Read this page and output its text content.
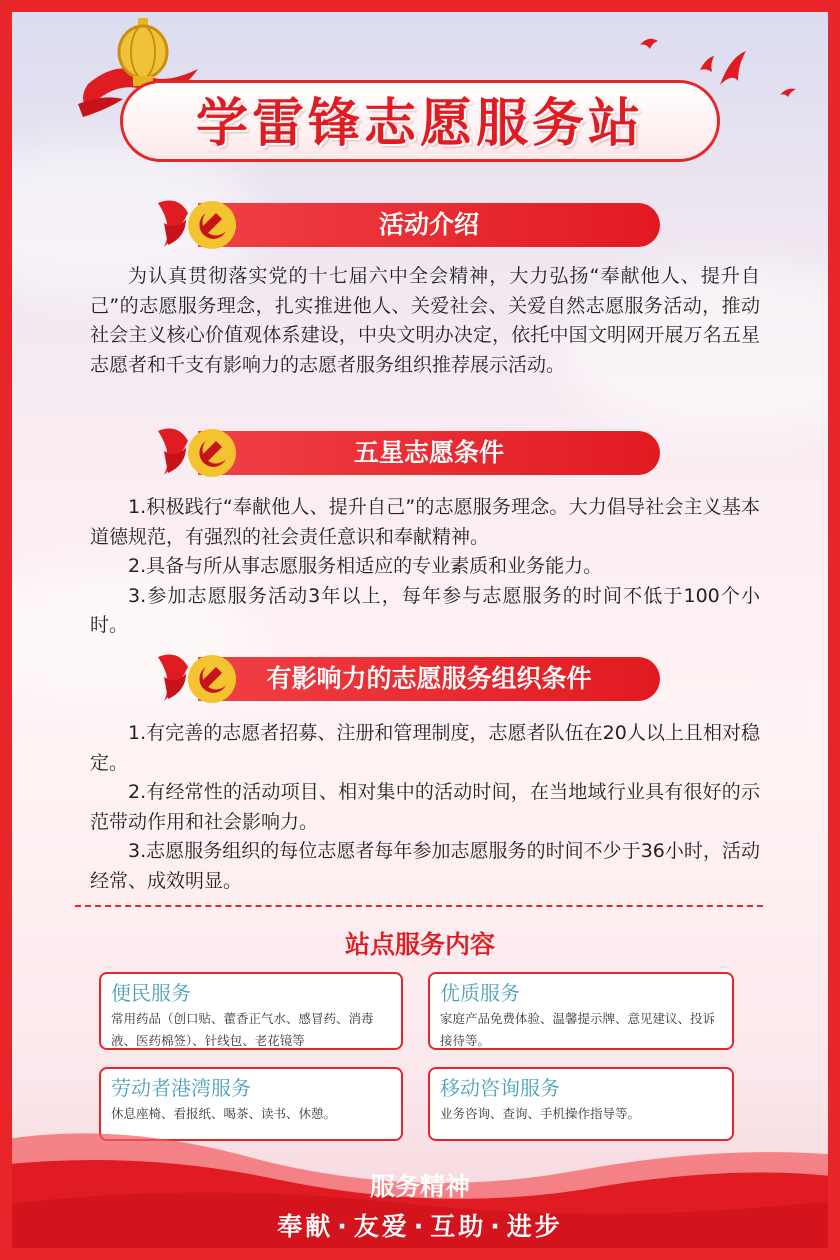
学雷锋志愿服务站
活动介绍

为认真贯彻落实党的十七届六中全会精神，大力弘扬“奉献他人、提升自己”的志愿服务理念，扎实推进他人、关爱社会、关爱自然志愿服务活动，推动社会主义核心价值观体系建设，中央文明办决定，依托中国文明网开展万名五星志愿者和千支有影响力的志愿者服务组织推荐展示活动。

五星志愿条件

1.积极践行“奉献他人、提升自己”的志愿服务理念。大力倡导社会主义基本道德规范，有强烈的社会责任意识和奉献精神。

2.具备与所从事志愿服务相适应的专业素质和业务能力。

3.参加志愿服务活动3年以上，每年参与志愿服务的时间不低于100个小时。

有影响力的志愿服务组织条件

1.有完善的志愿者招募、注册和管理制度，志愿者队伍在20人以上且相对稳定。

2.有经常性的活动项目、相对集中的活动时间，在当地域行业具有很好的示范带动作用和社会影响力。

3.志愿服务组织的每位志愿者每年参加志愿服务的时间不少于36小时，活动经常、成效明显。

站点服务内容
便民服务
常用药品（创口贴、藿香正气水、感冒药、消毒液、医药棉签）、针线包、老花镜等
优质服务
家庭产品免费体验、温馨提示牌、意见建议、投诉接待等。
劳动者港湾服务
休息座椅、看报纸、喝茶、读书、休憩。
移动咨询服务
业务咨询、查询、手机操作指导等。
服务精神
奉献 · 友爱 · 互助 · 进步
